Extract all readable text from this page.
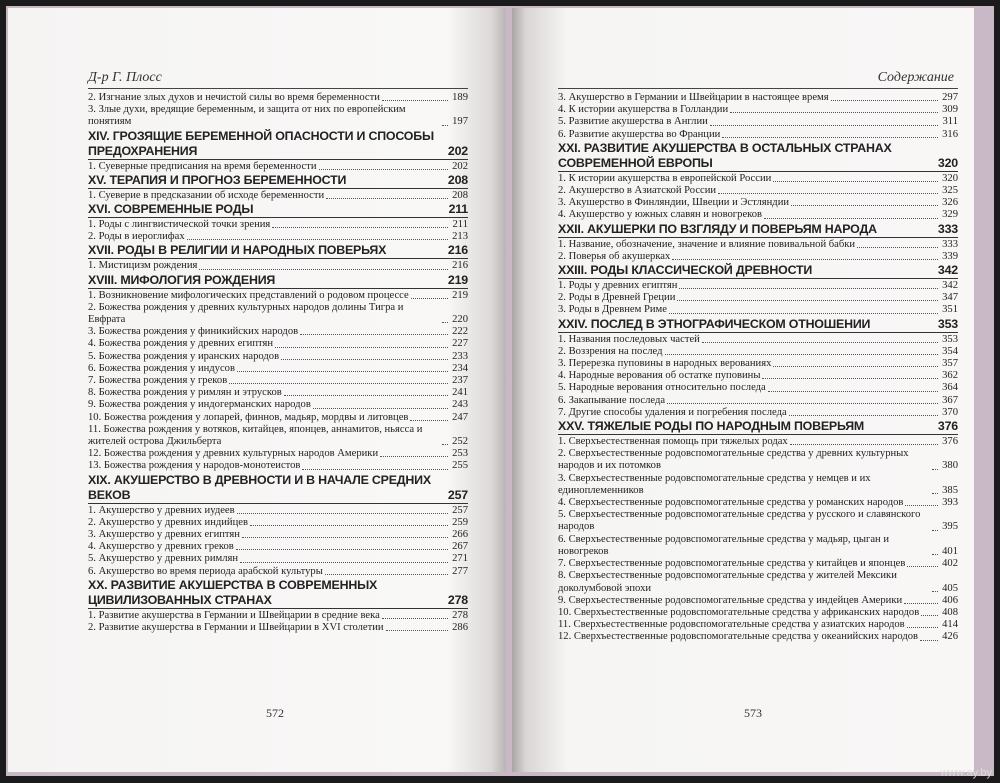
Д-р Г. Плосс
2. Изгнание злых духов и нечистой силы во время беременности	189
3. Злые духи, вредящие беременным, и защита от них по европейским понятиям	197
XIV. ГРОЗЯЩИЕ БЕРЕМЕННОЙ ОПАСНОСТИ И СПОСОБЫ ПРЕДОХРАНЕНИЯ	202
1. Суеверные предписания на время беременности	202
XV. ТЕРАПИЯ И ПРОГНОЗ БЕРЕМЕННОСТИ	208
1. Суеверие в предсказании об исходе беременности	208
XVI. СОВРЕМЕННЫЕ РОДЫ	211
1. Роды с лингвистической точки зрения	211
2. Роды в иероглифах	213
XVII. РОДЫ В РЕЛИГИИ И НАРОДНЫХ ПОВЕРЬЯХ	216
1. Мистицизм рождения	216
XVIII. МИФОЛОГИЯ РОЖДЕНИЯ	219
1. Возникновение мифологических представлений о родовом процессе	219
2. Божества рождения у древних культурных народов долины Тигра и Евфрата	220
3. Божества рождения у финикийских народов	222
4. Божества рождения у древних египтян	227
5. Божества рождения у иранских народов	233
6. Божества рождения у индусов	234
7. Божества рождения у греков	237
8. Божества рождения у римлян и этрусков	241
9. Божества рождения у индогерманских народов	243
10. Божества рождения у лопарей, финнов, мадьяр, мордвы и литовцев	247
11. Божества рождения у вотяков, китайцев, японцев, аннамитов, ньясса и жителей острова Джильберта	252
12. Божества рождения у древних культурных народов Америки	253
13. Божества рождения у народов-монотеистов	255
XIX. АКУШЕРСТВО В ДРЕВНОСТИ И В НАЧАЛЕ СРЕДНИХ ВЕКОВ	257
1. Акушерство у древних иудеев	257
2. Акушерство у древних индийцев	259
3. Акушерство у древних египтян	266
4. Акушерство у древних греков	267
5. Акушерство у древних римлян	271
6. Акушерство во время периода арабской культуры	277
XX. РАЗВИТИЕ АКУШЕРСТВА В СОВРЕМЕННЫХ ЦИВИЛИЗОВАННЫХ СТРАНАХ	278
1. Развитие акушерства в Германии и Швейцарии в средние века	278
2. Развитие акушерства в Германии и Швейцарии в XVI столетии	286
572
Содержание
3. Акушерство в Германии и Швейцарии в настоящее время	297
4. К истории акушерства в Голландии	309
5. Развитие акушерства в Англии	311
6. Развитие акушерства во Франции	316
XXI. РАЗВИТИЕ АКУШЕРСТВА В ОСТАЛЬНЫХ СТРАНАХ СОВРЕМЕННОЙ ЕВРОПЫ	320
1. К истории акушерства в европейской России	320
2. Акушерство в Азиатской России	325
3. Акушерство в Финляндии, Швеции и Эстляндии	326
4. Акушерство у южных славян и новогреков	329
XXII. АКУШЕРКИ ПО ВЗГЛЯДУ И ПОВЕРЬЯМ НАРОДА	333
1. Название, обозначение, значение и влияние повивальной бабки	333
2. Поверья об акушерках	339
XXIII. РОДЫ КЛАССИЧЕСКОЙ ДРЕВНОСТИ	342
1. Роды у древних египтян	342
2. Роды в Древней Греции	347
3. Роды в Древнем Риме	351
XXIV. ПОСЛЕД В ЭТНОГРАФИЧЕСКОМ ОТНОШЕНИИ	353
1. Названия последовых частей	353
2. Воззрения на послед	354
3. Перерезка пуповины в народных верованиях	357
4. Народные верования об остатке пуповины	362
5. Народные верования относительно последа	364
6. Закапывание последа	367
7. Другие способы удаления и погребения последа	370
XXV. ТЯЖЕЛЫЕ РОДЫ ПО НАРОДНЫМ ПОВЕРЬЯМ	376
1. Сверхъестественная помощь при тяжелых родах	376
2. Сверхъестественные родовспомогательные средства у древних культурных народов и их потомков	380
3. Сверхъестественные родовспомогательные средства у немцев и их единоплеменников	385
4. Сверхъестественные родовспомогательные средства у романских народов	393
5. Сверхъестественные родовспомогательные средства у русского и славянского народов	395
6. Сверхъестественные родовспомогательные средства у мадьяр, цыган и новогреков	401
7. Сверхъестественные родовспомогательные средства у китайцев и японцев	402
8. Сверхъестественные родовспомогательные средства у жителей Мексики доколумбовой эпохи	405
9. Сверхъестественные родовспомогательные средства у индейцев Америки	406
10. Сверхъестественные родовспомогательные средства у африканских народов 408
11. Сверхъестественные родовспомогательные средства у азиатских народов	414
12. Сверхъестественные родовспомогательные средства у океанийских народов 426
573
www.ay.by
